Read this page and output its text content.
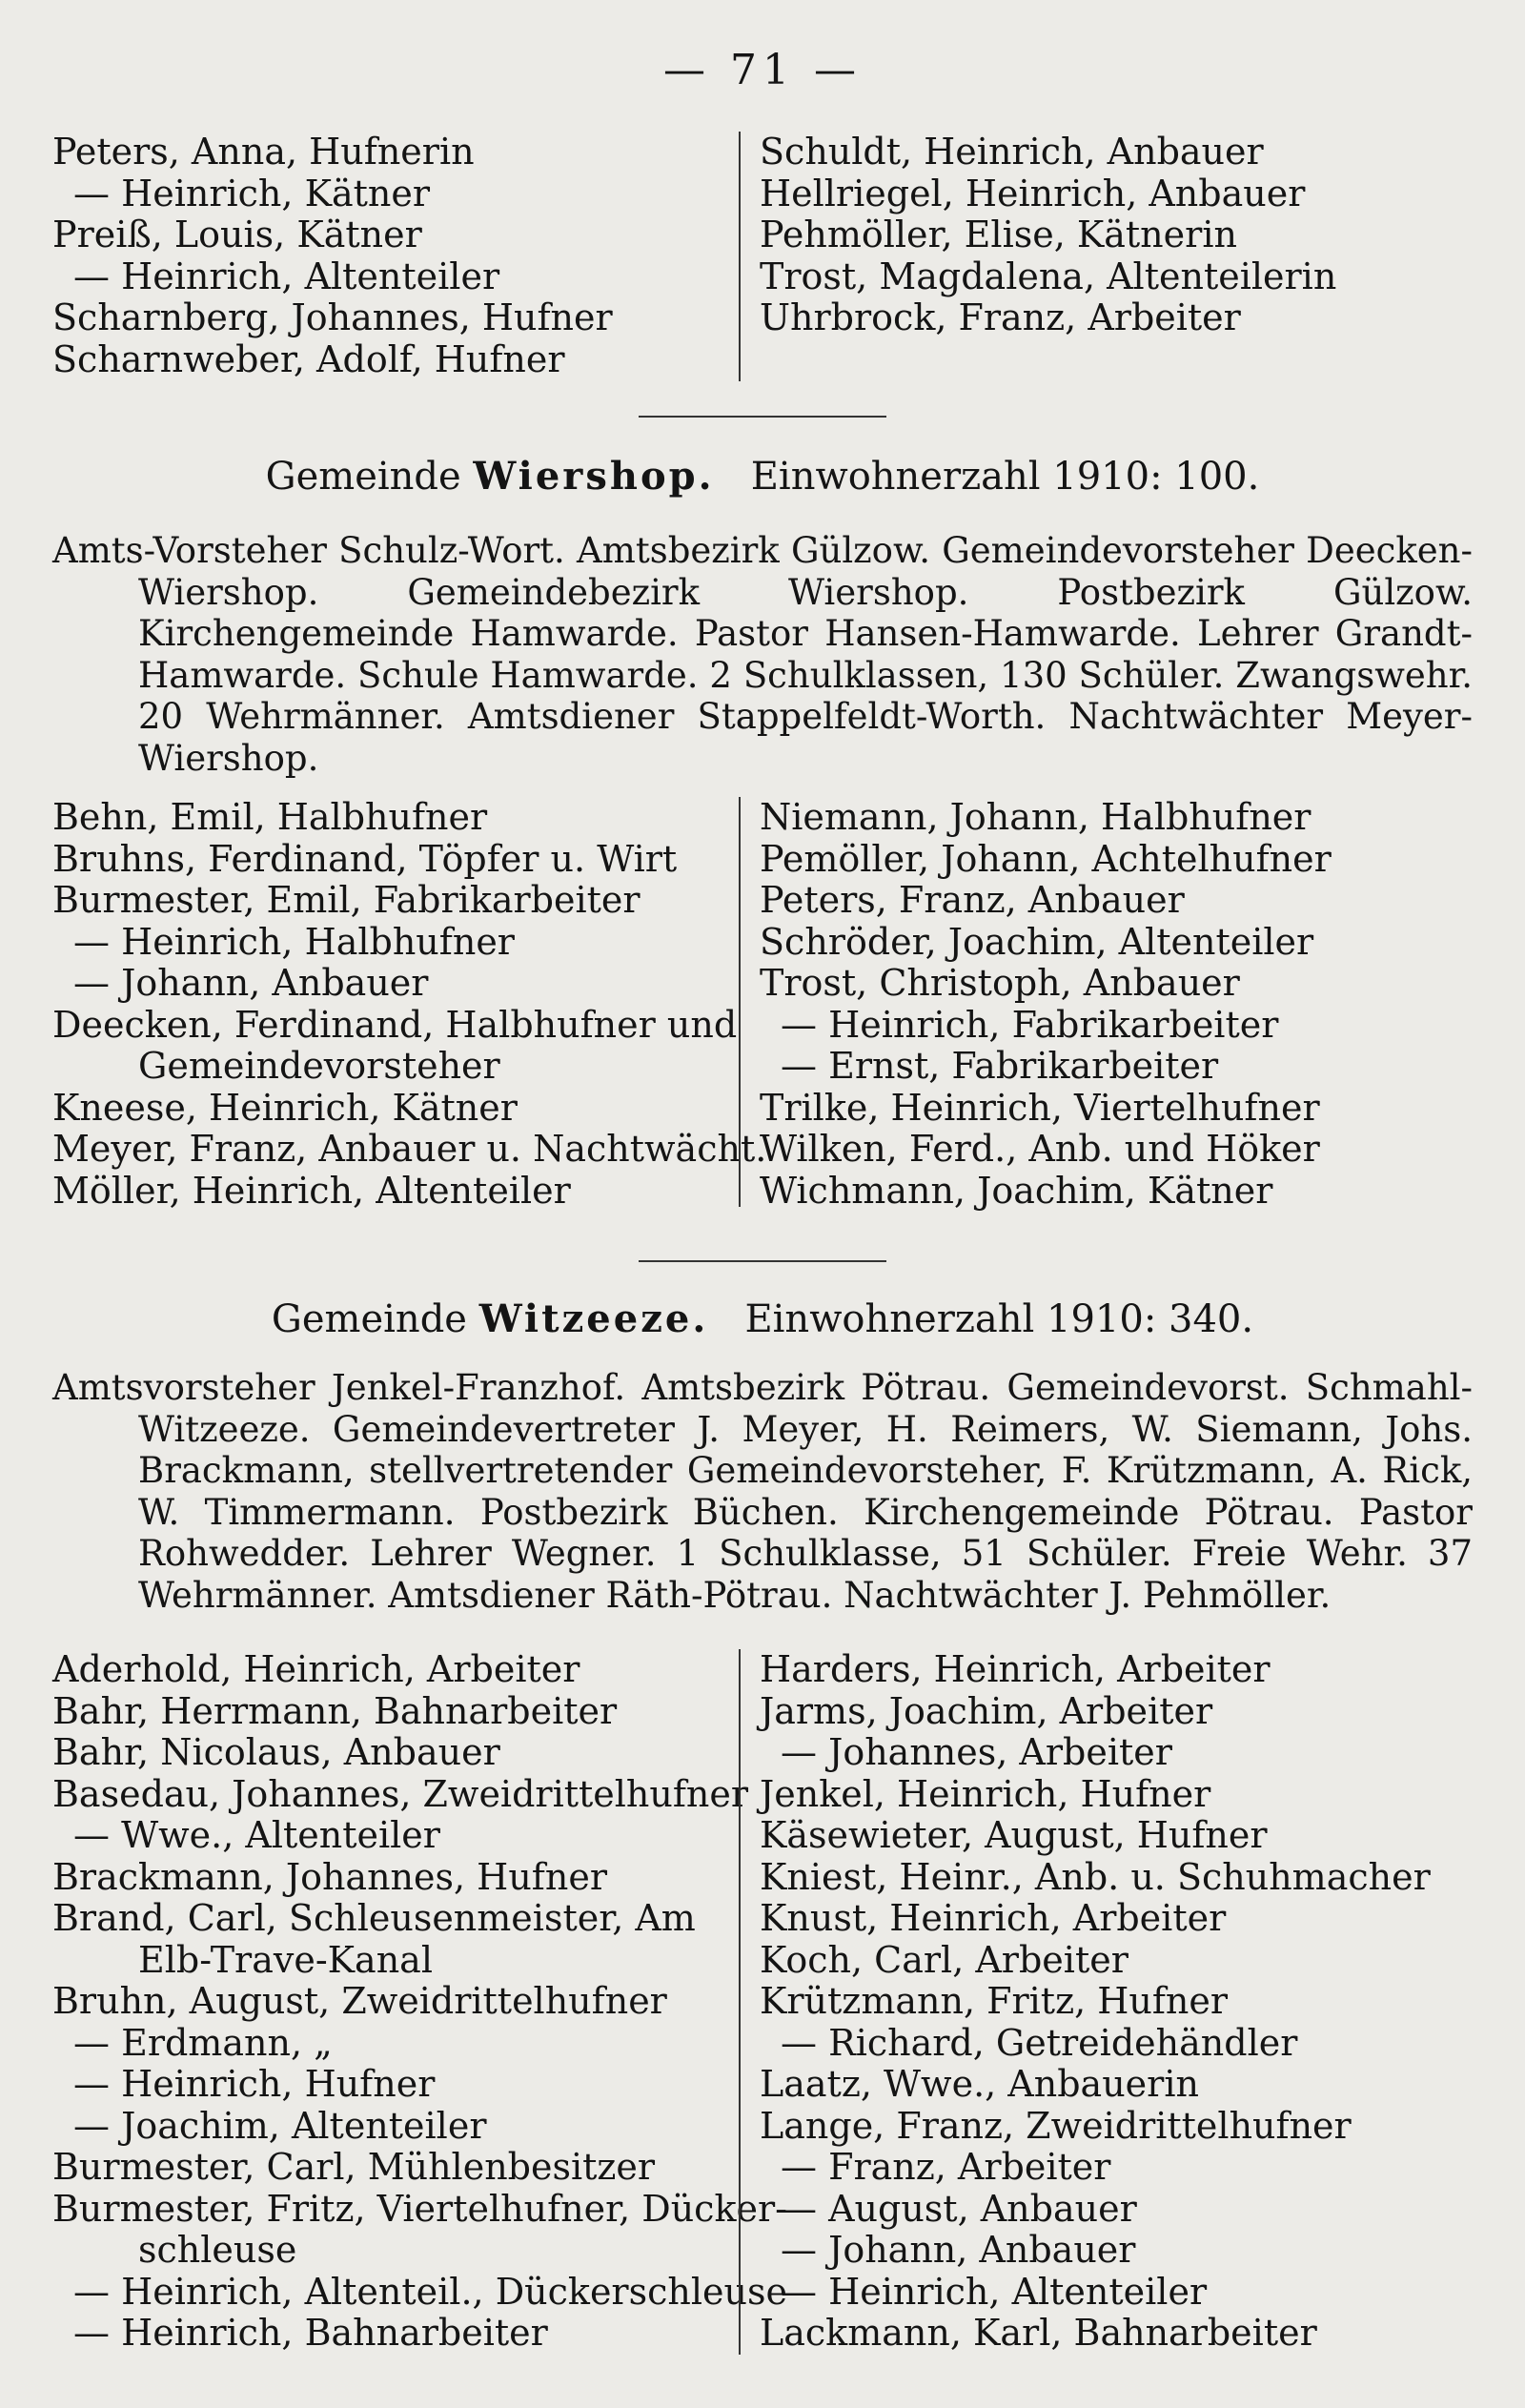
— 71 —
Peters, Anna, Hufnerin
— Heinrich, Kätner
Preiß, Louis, Kätner
— Heinrich, Altenteiler
Scharnberg, Johannes, Hufner
Scharnweber, Adolf, Hufner
Schuldt, Heinrich, Anbauer
Hellriegel, Heinrich, Anbauer
Pehmöller, Elise, Kätnerin
Trost, Magdalena, Altenteilerin
Uhrbrock, Franz, Arbeiter
Gemeinde Wiershop. Einwohnerzahl 1910: 100.
Amts-Vorsteher Schulz-Wort. Amtsbezirk Gülzow. Gemeindevorsteher Deecken-Wiershop. Gemeindebezirk Wiershop. Postbezirk Gülzow. Kirchengemeinde Hamwarde. Pastor Hansen-Hamwarde. Lehrer Grandt-Hamwarde. Schule Hamwarde. 2 Schulklassen, 130 Schüler. Zwangswehr. 20 Wehrmänner. Amtsdiener Stappelfeldt-Worth. Nachtwächter Meyer-Wiershop.
Behn, Emil, Halbhufner
Bruhns, Ferdinand, Töpfer u. Wirt
Burmester, Emil, Fabrikarbeiter
— Heinrich, Halbhufner
— Johann, Anbauer
Deecken, Ferdinand, Halbhufner und
Gemeindevorsteher
Kneese, Heinrich, Kätner
Meyer, Franz, Anbauer u. Nachtwächt.
Möller, Heinrich, Altenteiler
Niemann, Johann, Halbhufner
Pemöller, Johann, Achtelhufner
Peters, Franz, Anbauer
Schröder, Joachim, Altenteiler
Trost, Christoph, Anbauer
— Heinrich, Fabrikarbeiter
— Ernst, Fabrikarbeiter
Trilke, Heinrich, Viertelhufner
Wilken, Ferd., Anb. und Höker
Wichmann, Joachim, Kätner
Gemeinde Witzeeze. Einwohnerzahl 1910: 340.
Amtsvorsteher Jenkel-Franzhof. Amtsbezirk Pötrau. Gemeindevorst. Schmahl-Witzeeze. Gemeindevertreter J. Meyer, H. Reimers, W. Siemann, Johs. Brackmann, stellvertretender Gemeindevorsteher, F. Krützmann, A. Rick, W. Timmermann. Postbezirk Büchen. Kirchengemeinde Pötrau. Pastor Rohwedder. Lehrer Wegner. 1 Schulklasse, 51 Schüler. Freie Wehr. 37 Wehrmänner. Amtsdiener Räth-Pötrau. Nachtwächter J. Pehmöller.
Aderhold, Heinrich, Arbeiter
Bahr, Herrmann, Bahnarbeiter
Bahr, Nicolaus, Anbauer
Basedau, Johannes, Zweidrittelhufner
— Wwe., Altenteiler
Brackmann, Johannes, Hufner
Brand, Carl, Schleusenmeister, Am
Elb-Trave-Kanal
Bruhn, August, Zweidrittelhufner
— Erdmann, „
— Heinrich, Hufner
— Joachim, Altenteiler
Burmester, Carl, Mühlenbesitzer
Burmester, Fritz, Viertelhufner, Dücker-
schleuse
— Heinrich, Altenteil., Dückerschleuse
— Heinrich, Bahnarbeiter
Harders, Heinrich, Arbeiter
Jarms, Joachim, Arbeiter
— Johannes, Arbeiter
Jenkel, Heinrich, Hufner
Käsewieter, August, Hufner
Kniest, Heinr., Anb. u. Schuhmacher
Knust, Heinrich, Arbeiter
Koch, Carl, Arbeiter
Krützmann, Fritz, Hufner
— Richard, Getreidehändler
Laatz, Wwe., Anbauerin
Lange, Franz, Zweidrittelhufner
— Franz, Arbeiter
— August, Anbauer
— Johann, Anbauer
— Heinrich, Altenteiler
Lackmann, Karl, Bahnarbeiter
